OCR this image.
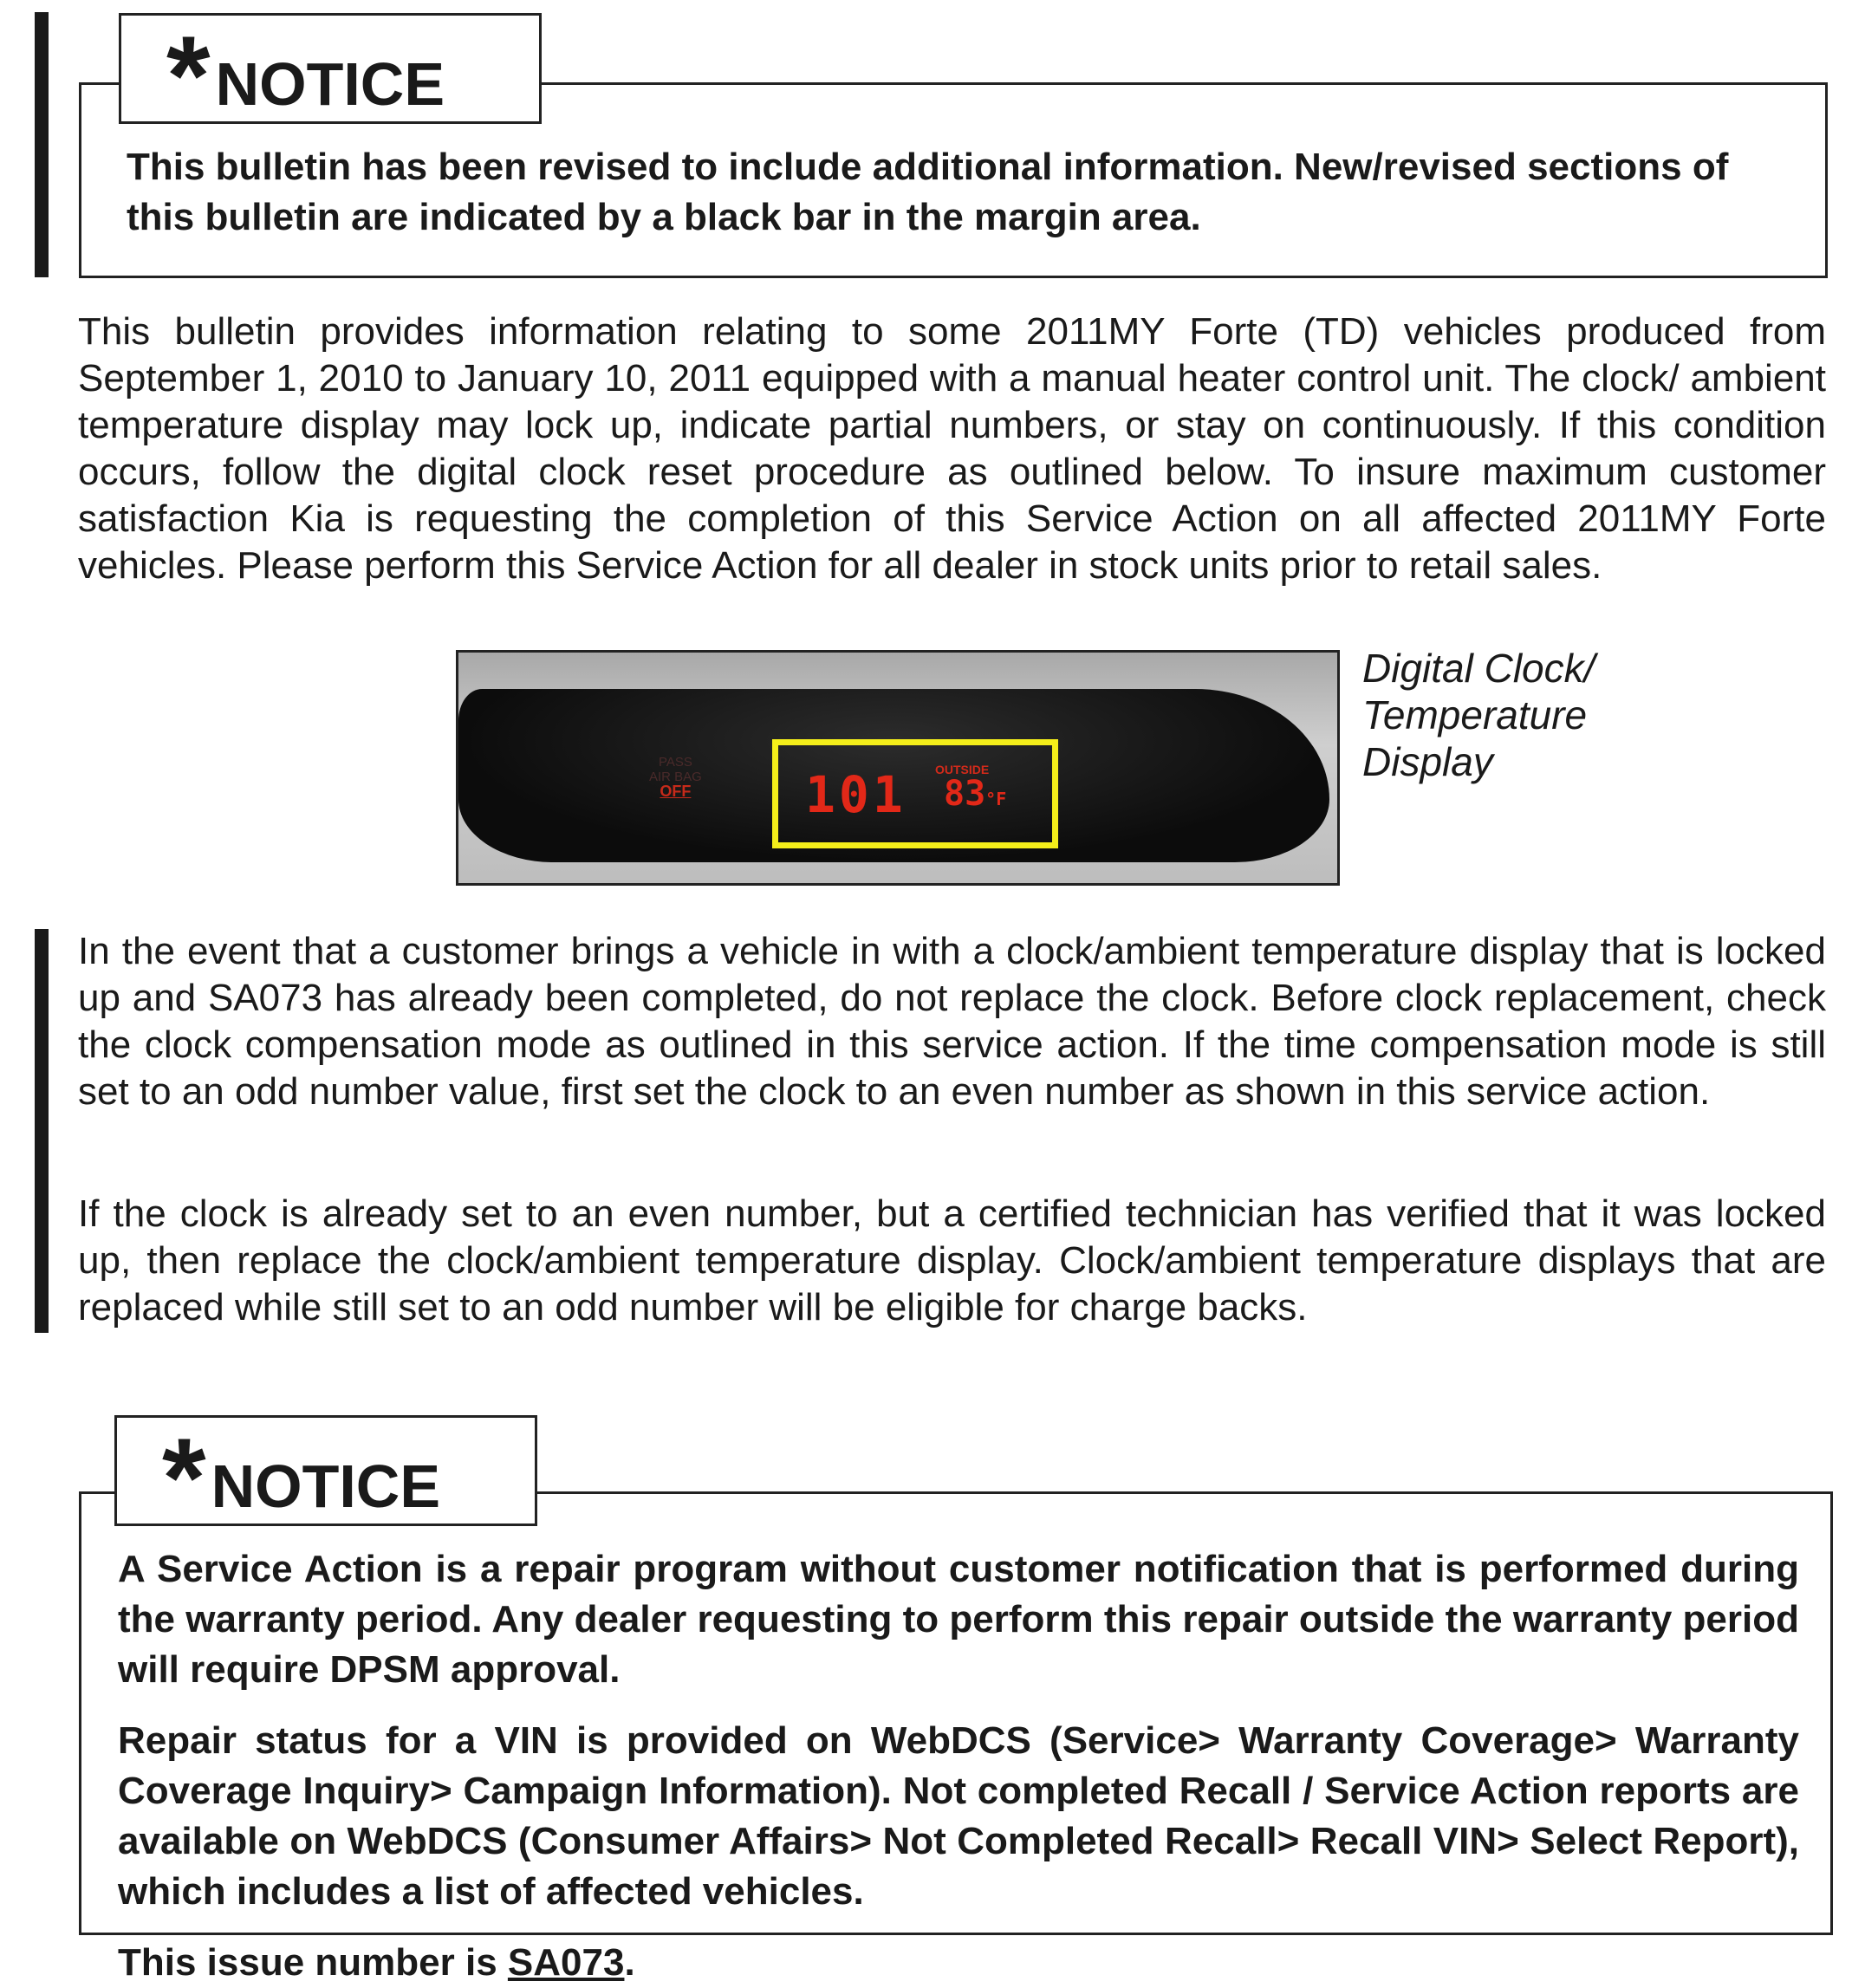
This bulletin has been revised to include additional information. New/revised sections of this bulletin are indicated by a black bar in the margin area.

* NOTICE

This bulletin provides information relating to some 2011MY Forte (TD) vehicles produced from September 1, 2010 to January 10, 2011 equipped with a manual heater control unit. The clock/ ambient temperature display may lock up, indicate partial numbers, or stay on continuously. If this condition occurs, follow the digital clock reset procedure as outlined below. To insure maximum customer satisfaction Kia is requesting the completion of this Service Action on all affected 2011MY Forte vehicles. Please perform this Service Action for all dealer in stock units prior to retail sales.

PASS
AIR BAG
OFF 101 OUTSIDE
83°F
Digital Clock/
Temperature
Display

In the event that a customer brings a vehicle in with a clock/ambient temperature display that is locked up and SA073 has already been completed, do not replace the clock. Before clock replacement, check the clock compensation mode as outlined in this service action. If the time compensation mode is still set to an odd number value, first set the clock to an even number as shown in this service action.

If the clock is already set to an even number, but a certified technician has verified that it was locked up, then replace the clock/ambient temperature display. Clock/ambient temperature displays that are replaced while still set to an odd number will be eligible for charge backs.

A Service Action is a repair program without customer notification that is performed during the warranty period. Any dealer requesting to perform this repair outside the warranty period will require DPSM approval.

Repair status for a VIN is provided on WebDCS (Service> Warranty Coverage> Warranty Coverage Inquiry> Campaign Information). Not completed Recall / Service Action reports are available on WebDCS (Consumer Affairs> Not Completed Recall> Recall VIN> Select Report), which includes a list of affected vehicles.

This issue number is SA073.

* NOTICE
